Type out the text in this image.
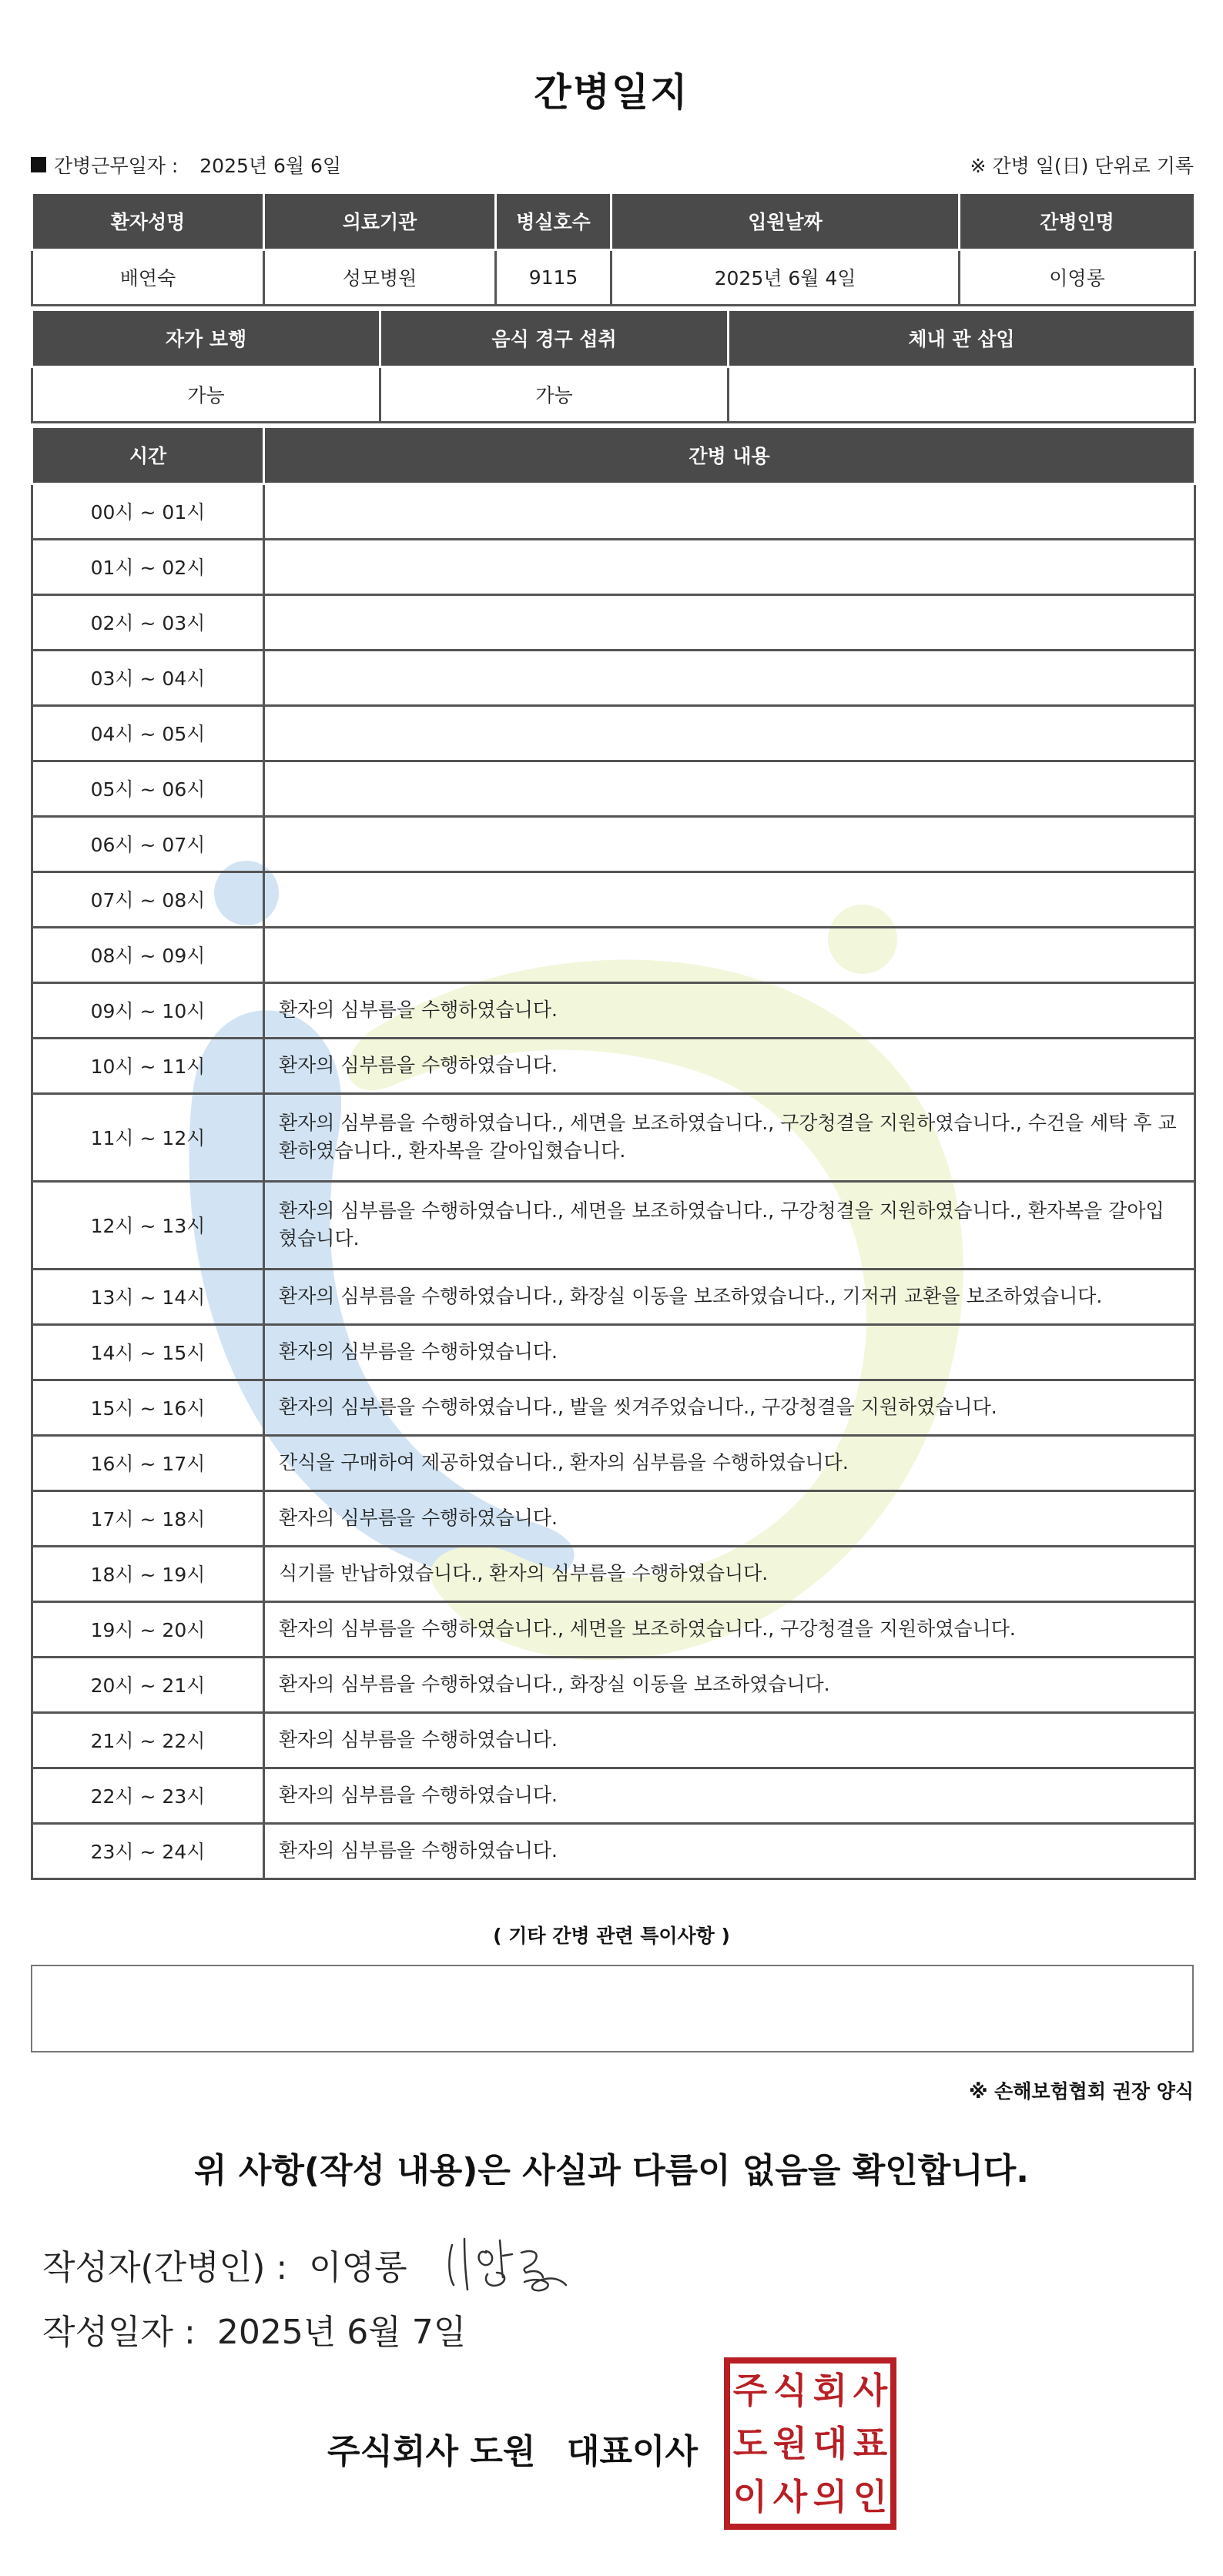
간병일지
간병근무일자 : 2025년 6월 6일	※ 간병 일(日) 단위로 기록
환자성명	의료기관	병실호수	입원날짜	간병인명
배연숙	성모병원	9115	2025년 6월 4일	이영롱
자가 보행	음식 경구 섭취	체내 관 삽입
가능	가능	
시간	간병 내용
00시 ~ 01시	
01시 ~ 02시	
02시 ~ 03시	
03시 ~ 04시	
04시 ~ 05시	
05시 ~ 06시	
06시 ~ 07시	
07시 ~ 08시	
08시 ~ 09시	
09시 ~ 10시	환자의 심부름을 수행하였습니다.
10시 ~ 11시	환자의 심부름을 수행하였습니다.
11시 ~ 12시	환자의 심부름을 수행하였습니다., 세면을 보조하였습니다., 구강청결을 지원하였습니다., 수건을 세탁 후 교환하였습니다., 환자복을 갈아입혔습니다.
12시 ~ 13시	환자의 심부름을 수행하였습니다., 세면을 보조하였습니다., 구강청결을 지원하였습니다., 환자복을 갈아입혔습니다.
13시 ~ 14시	환자의 심부름을 수행하였습니다., 화장실 이동을 보조하였습니다., 기저귀 교환을 보조하였습니다.
14시 ~ 15시	환자의 심부름을 수행하였습니다.
15시 ~ 16시	환자의 심부름을 수행하였습니다., 발을 씻겨주었습니다., 구강청결을 지원하였습니다.
16시 ~ 17시	간식을 구매하여 제공하였습니다., 환자의 심부름을 수행하였습니다.
17시 ~ 18시	환자의 심부름을 수행하였습니다.
18시 ~ 19시	식기를 반납하였습니다., 환자의 심부름을 수행하였습니다.
19시 ~ 20시	환자의 심부름을 수행하였습니다., 세면을 보조하였습니다., 구강청결을 지원하였습니다.
20시 ~ 21시	환자의 심부름을 수행하였습니다., 화장실 이동을 보조하였습니다.
21시 ~ 22시	환자의 심부름을 수행하였습니다.
22시 ~ 23시	환자의 심부름을 수행하였습니다.
23시 ~ 24시	환자의 심부름을 수행하였습니다.
( 기타 간병 관련 특이사항 )
※ 손해보험협회 권장 양식
위 사항(작성 내용)은 사실과 다름이 없음을 확인합니다.
작성자(간병인) : 이영롱
작성일자 : 2025년 6월 7일
주식회사 도원 대표이사
주 식 회 사
도 원 대 표
이 사 의 인
